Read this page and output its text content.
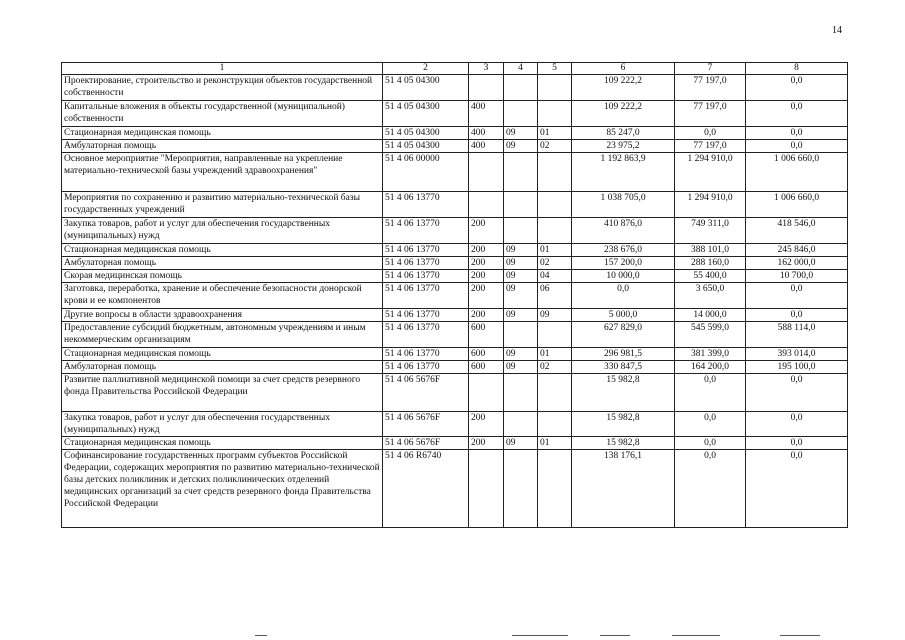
14
1	2	3	4	5	6	7	8
Проектирование, строительство и реконструкция объектов государственной собственности	51 4 05 04300				109 222,2	77 197,0	0,0
Капитальные вложения в объекты государственной (муниципальной) собственности	51 4 05 04300	400			109 222,2	77 197,0	0,0
Стационарная медицинская помощь	51 4 05 04300	400	09	01	85 247,0	0,0	0,0
Амбулаторная помощь	51 4 05 04300	400	09	02	23 975,2	77 197,0	0,0
Основное мероприятие "Мероприятия, направленные на укрепление материально-технической базы учреждений здравоохранения"	51 4 06 00000				1 192 863,9	1 294 910,0	1 006 660,0
Мероприятия по сохранению и развитию материально-технической базы государственных учреждений	51 4 06 13770				1 038 705,0	1 294 910,0	1 006 660,0
Закупка товаров, работ и услуг для обеспечения государственных (муниципальных) нужд	51 4 06 13770	200			410 876,0	749 311,0	418 546,0
Стационарная медицинская помощь	51 4 06 13770	200	09	01	238 676,0	388 101,0	245 846,0
Амбулаторная помощь	51 4 06 13770	200	09	02	157 200,0	288 160,0	162 000,0
Скорая медицинская помощь	51 4 06 13770	200	09	04	10 000,0	55 400,0	10 700,0
Заготовка, переработка, хранение и обеспечение безопасности донорской крови и ее компонентов	51 4 06 13770	200	09	06	0,0	3 650,0	0,0
Другие вопросы в области здравоохранения	51 4 06 13770	200	09	09	5 000,0	14 000,0	0,0
Предоставление субсидий бюджетным, автономным учреждениям и иным некоммерческим организациям	51 4 06 13770	600			627 829,0	545 599,0	588 114,0
Стационарная медицинская помощь	51 4 06 13770	600	09	01	296 981,5	381 399,0	393 014,0
Амбулаторная помощь	51 4 06 13770	600	09	02	330 847,5	164 200,0	195 100,0
Развитие паллиативной медицинской помощи за счет средств резервного фонда Правительства Российской Федерации	51 4 06 5676F				15 982,8	0,0	0,0
Закупка товаров, работ и услуг для обеспечения государственных (муниципальных) нужд	51 4 06 5676F	200			15 982,8	0,0	0,0
Стационарная медицинская помощь	51 4 06 5676F	200	09	01	15 982,8	0,0	0,0
Софинансирование государственных программ субъектов Российской Федерации, содержащих мероприятия по развитию материально-технической базы детских поликлиник и детских поликлинических отделений медицинских организаций за счет средств резервного фонда Правительства Российской Федерации	51 4 06 R6740				138 176,1	0,0	0,0
